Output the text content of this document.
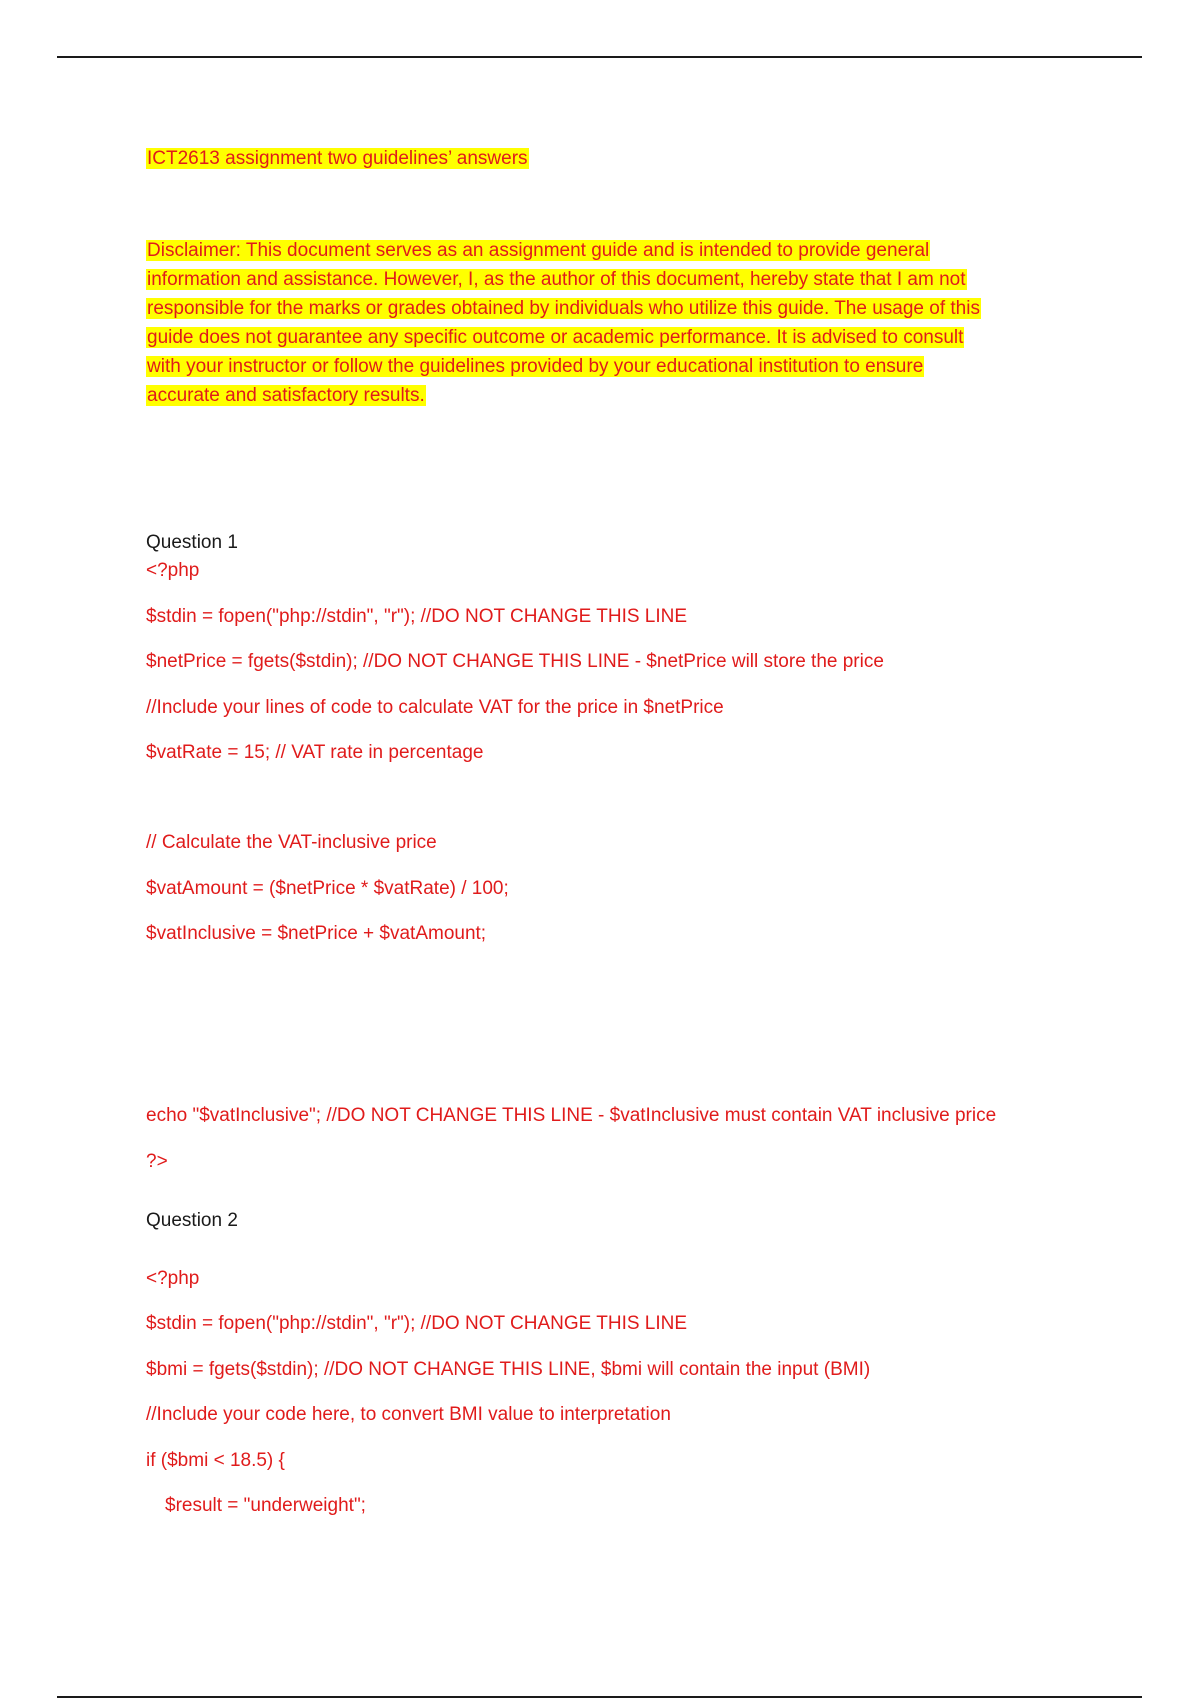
ICT2613 assignment two guidelines’ answers

Disclaimer: This document serves as an assignment guide and is intended to provide general

information and assistance. However, I, as the author of this document, hereby state that I am not

responsible for the marks or grades obtained by individuals who utilize this guide. The usage of this

guide does not guarantee any specific outcome or academic performance. It is advised to consult

with your instructor or follow the guidelines provided by your educational institution to ensure

accurate and satisfactory results.

Question 1

<?php

$stdin = fopen("php://stdin", "r"); //DO NOT CHANGE THIS LINE

$netPrice = fgets($stdin); //DO NOT CHANGE THIS LINE - $netPrice will store the price

//Include your lines of code to calculate VAT for the price in $netPrice

$vatRate = 15; // VAT rate in percentage

// Calculate the VAT-inclusive price

$vatAmount = ($netPrice * $vatRate) / 100;

$vatInclusive = $netPrice + $vatAmount;

echo "$vatInclusive"; //DO NOT CHANGE THIS LINE - $vatInclusive must contain VAT inclusive price

?>

Question 2

<?php

$stdin = fopen("php://stdin", "r"); //DO NOT CHANGE THIS LINE

$bmi = fgets($stdin); //DO NOT CHANGE THIS LINE, $bmi will contain the input (BMI)

//Include your code here, to convert BMI value to interpretation

if ($bmi < 18.5) {

$result = "underweight";
